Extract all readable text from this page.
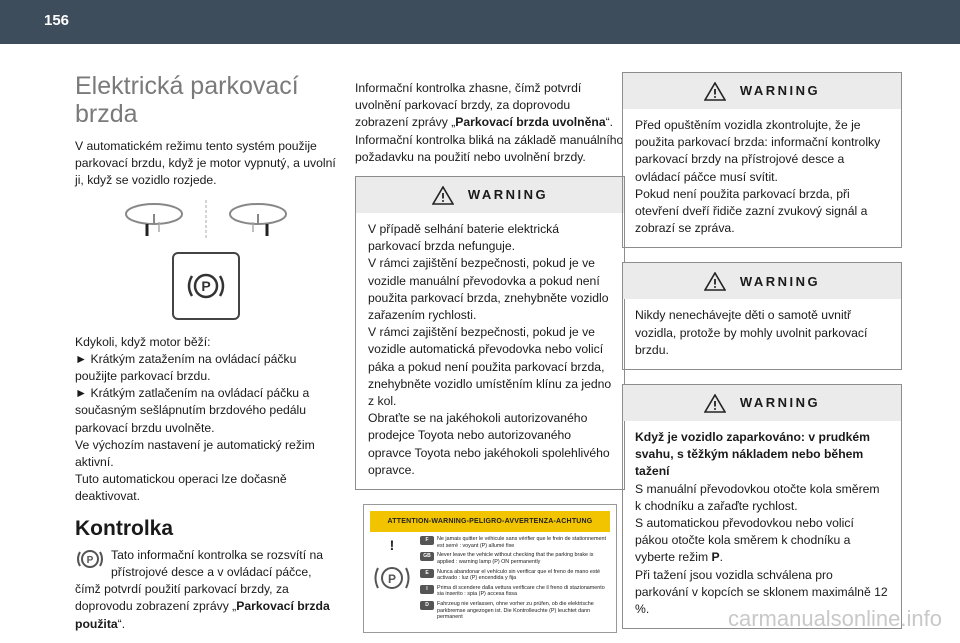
156
Elektrická parkovací brzda

V automatickém režimu tento systém použije parkovací brzdu, když je motor vypnutý, a uvolní ji, když se vozidlo rozjede.

P

Kdykoli, když motor běží:

► Krátkým zatažením na ovládací páčku použijte parkovací brzdu.

► Krátkým zatlačením na ovládací páčku a současným sešlápnutím brzdového pedálu parkovací brzdu uvolněte.

Ve výchozím nastavení je automatický režim aktivní.

Tuto automatickou operaci lze dočasně deaktivovat.

Kontrolka

P Tato informační kontrolka se rozsvítí na přístrojové desce a v ovládací páčce, čímž potvrdí použití parkovací brzdy, za doprovodu zobrazení zprávy „Parkovací brzda použita“.

Informační kontrolka zhasne, čímž potvrdí uvolnění parkovací brzdy, za doprovodu zobrazení zprávy „Parkovací brzda uvolněna“. Informační kontrolka bliká na základě manuálního požadavku na použití nebo uvolnění brzdy.

WARNING
V případě selhání baterie elektrická parkovací brzda nefunguje.
V rámci zajištění bezpečnosti, pokud je ve vozidle manuální převodovka a pokud není použita parkovací brzda, znehybněte vozidlo zařazením rychlosti.
V rámci zajištění bezpečnosti, pokud je ve vozidle automatická převodovka nebo volicí páka a pokud není použita parkovací brzda, znehybněte vozidlo umístěním klínu za jedno z kol.
Obraťte se na jakéhokoli autorizovaného prodejce Toyota nebo autorizovaného opravce Toyota nebo jakéhokoli spolehlivého opravce.
ATTENTION-WARNING-PELIGRO-AVVERTENZA-ACHTUNG
!
P
F	Ne jamais quitter le véhicule sans vérifier que le frein de stationnement est serré : voyant (P) allumé fixe
GB	Never leave the vehicle without checking that the parking brake is applied : warning lamp (P) ON permanently
E	Nunca abandonar el vehículo sin verificar que el freno de mano esté activado : luz (P) encendida y fija
I	Prima di scendere dalla vettura verificare che il freno di stazionamento sia inserito : spia (P) accesa fissa
D	Fahrzeug nie verlassen, ohne vorher zu prüfen, ob die elektrische parkbremse angezogen ist. Die Kontrolleuchte (P) leuchtet dann permanent
WARNING
Před opuštěním vozidla zkontrolujte, že je použita parkovací brzda: informační kontrolky parkovací brzdy na přístrojové desce a ovládací páčce musí svítit.
Pokud není použita parkovací brzda, při otevření dveří řidiče zazní zvukový signál a zobrazí se zpráva.
WARNING
Nikdy nenechávejte děti o samotě uvnitř vozidla, protože by mohly uvolnit parkovací brzdu.
WARNING
Když je vozidlo zaparkováno: v prudkém svahu, s těžkým nákladem nebo během tažení
S manuální převodovkou otočte kola směrem k chodníku a zařaďte rychlost.
S automatickou převodovkou nebo volicí pákou otočte kola směrem k chodníku a vyberte režim P.
Při tažení jsou vozidla schválena pro parkování v kopcích se sklonem maximálně 12 %.	carmanualsonline.info
